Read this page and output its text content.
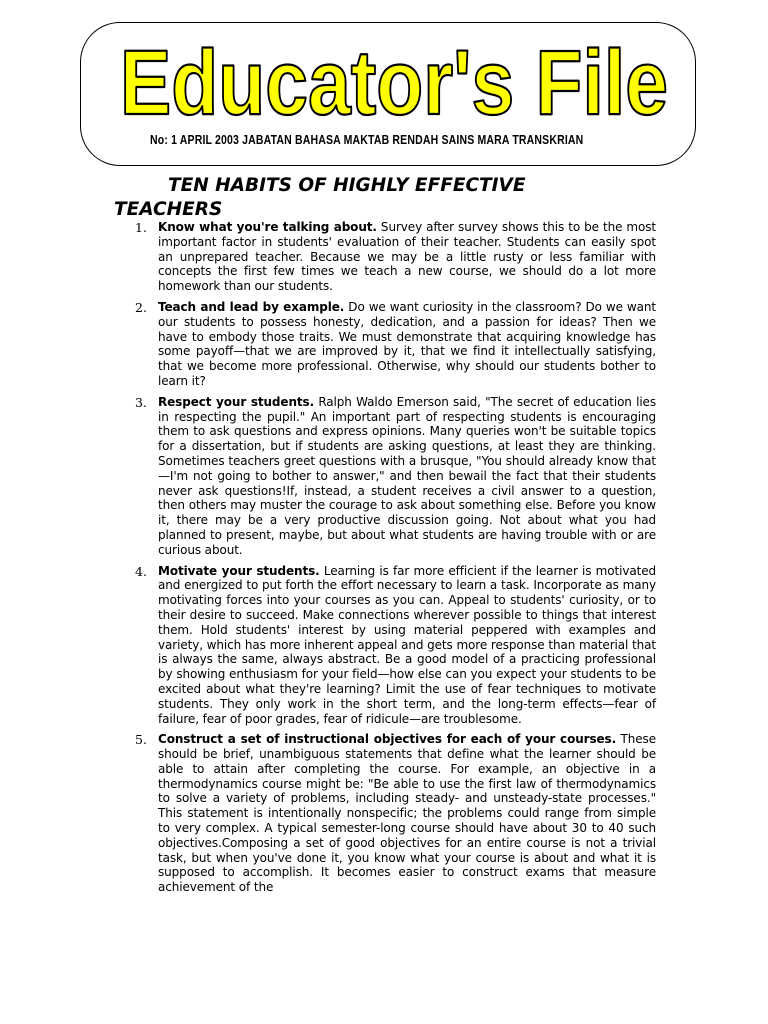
Educator's File
No: 1 APRIL 2003 JABATAN BAHASA MAKTAB RENDAH SAINS MARA TRANSKRIAN
TEN HABITS OF HIGHLY EFFECTIVE
TEACHERS
1. Know what you're talking about. Survey after survey shows this to be the most important factor in students' evaluation of their teacher. Students can easily spot an unprepared teacher. Because we may be a little rusty or less familiar with concepts the first few times we teach a new course, we should do a lot more homework than our students.
2. Teach and lead by example. Do we want curiosity in the classroom? Do we want our students to possess honesty, dedication, and a passion for ideas? Then we have to embody those traits. We must demonstrate that acquiring knowledge has some payoff—that we are improved by it, that we find it intellectually satisfying, that we become more professional. Otherwise, why should our students bother to learn it?
3. Respect your students. Ralph Waldo Emerson said, "The secret of education lies in respecting the pupil." An important part of respecting students is encouraging them to ask questions and express opinions. Many queries won't be suitable topics for a dissertation, but if students are asking questions, at least they are thinking. Sometimes teachers greet questions with a brusque, "You should already know that—I'm not going to bother to answer," and then bewail the fact that their students never ask questions!If, instead, a student receives a civil answer to a question, then others may muster the courage to ask about something else. Before you know it, there may be a very productive discussion going. Not about what you had planned to present, maybe, but about what students are having trouble with or are curious about.
4. Motivate your students. Learning is far more efficient if the learner is motivated and energized to put forth the effort necessary to learn a task. Incorporate as many motivating forces into your courses as you can. Appeal to students' curiosity, or to their desire to succeed. Make connections wherever possible to things that interest them. Hold students' interest by using material peppered with examples and variety, which has more inherent appeal and gets more response than material that is always the same, always abstract. Be a good model of a practicing professional by showing enthusiasm for your field—how else can you expect your students to be excited about what they're learning? Limit the use of fear techniques to motivate students. They only work in the short term, and the long-term effects—fear of failure, fear of poor grades, fear of ridicule—are troublesome.
5. Construct a set of instructional objectives for each of your courses. These should be brief, unambiguous statements that define what the learner should be able to attain after completing the course. For example, an objective in a thermodynamics course might be: "Be able to use the first law of thermodynamics to solve a variety of problems, including steady- and unsteady-state processes." This statement is intentionally nonspecific; the problems could range from simple to very complex. A typical semester-long course should have about 30 to 40 such objectives.Composing a set of good objectives for an entire course is not a trivial task, but when you've done it, you know what your course is about and what it is supposed to accomplish. It becomes easier to construct exams that measure achievement of the
